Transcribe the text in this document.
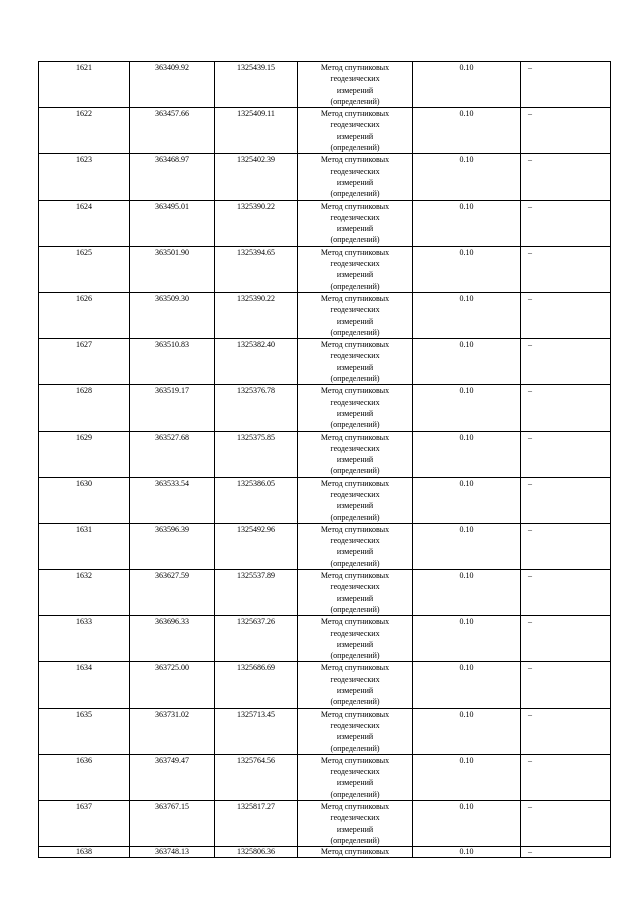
1621	363409.92	1325439.15	Метод спутниковых геодезических измерений (определений)	0.10	–
1622	363457.66	1325409.11	Метод спутниковых геодезических измерений (определений)	0.10	–
1623	363468.97	1325402.39	Метод спутниковых геодезических измерений (определений)	0.10	–
1624	363495.01	1325390.22	Метод спутниковых геодезических измерений (определений)	0.10	–
1625	363501.90	1325394.65	Метод спутниковых геодезических измерений (определений)	0.10	–
1626	363509.30	1325390.22	Метод спутниковых геодезических измерений (определений)	0.10	–
1627	363510.83	1325382.40	Метод спутниковых геодезических измерений (определений)	0.10	–
1628	363519.17	1325376.78	Метод спутниковых геодезических измерений (определений)	0.10	–
1629	363527.68	1325375.85	Метод спутниковых геодезических измерений (определений)	0.10	–
1630	363533.54	1325386.05	Метод спутниковых геодезических измерений (определений)	0.10	–
1631	363596.39	1325492.96	Метод спутниковых геодезических измерений (определений)	0.10	–
1632	363627.59	1325537.89	Метод спутниковых геодезических измерений (определений)	0.10	–
1633	363696.33	1325637.26	Метод спутниковых геодезических измерений (определений)	0.10	–
1634	363725.00	1325686.69	Метод спутниковых геодезических измерений (определений)	0.10	–
1635	363731.02	1325713.45	Метод спутниковых геодезических измерений (определений)	0.10	–
1636	363749.47	1325764.56	Метод спутниковых геодезических измерений (определений)	0.10	–
1637	363767.15	1325817.27	Метод спутниковых геодезических измерений (определений)	0.10	–
1638	363748.13	1325806.36	Метод спутниковых	0.10	–
